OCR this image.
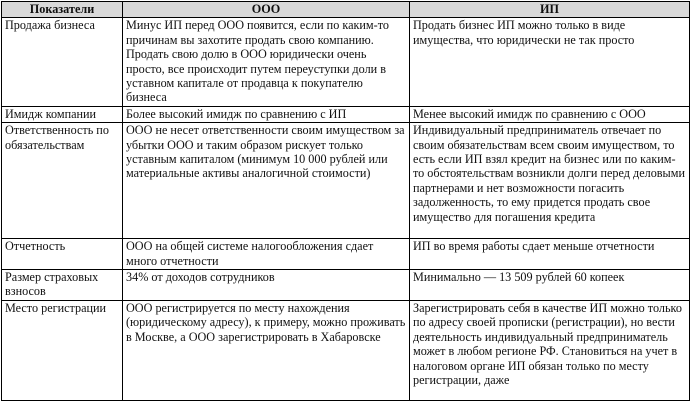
Показатели	ООО	ИП
Продажа бизнеса	Минус ИП перед ООО появится, если по каким-то причинам вы захотите продать свою компанию. Продать свою долю в ООО юридически очень просто, все происходит путем переуступки доли в уставном капитале от продавца к покупателю бизнеса	Продать бизнес ИП можно только в виде имущества, что юридически не так просто
Имидж компании	Более высокий имидж по сравнению с ИП	Менее высокий имидж по сравнению с ООО
Ответственность по обязательствам	ООО не несет ответственности своим имуществом за убытки ООО и таким образом рискует только уставным капиталом (минимум 10 000 рублей или материальные активы аналогичной стоимости)	Индивидуальный предприниматель отвечает по своим обязательствам всем своим имуществом, то есть если ИП взял кредит на бизнес или по каким-то обстоятельствам возникли долги перед деловыми партнерами и нет возможности погасить задолженность, то ему придется продать свое имущество для погашения кредита
Отчетность	ООО на общей системе налогообложения сдает много отчетности	ИП во время работы сдает меньше отчетности
Размер страховых взносов	34% от доходов сотрудников	Минимально — 13 509 рублей 60 копеек
Место регистрации	ООО регистрируется по месту нахождения (юридическому адресу), к примеру, можно проживать в Москве, а ООО зарегистрировать в Хабаровске	Зарегистрировать себя в качестве ИП можно только по адресу своей прописки (регистрации), но вести деятельность индивидуальный предприниматель может в любом регионе РФ. Становиться на учет в налоговом органе ИП обязан только по месту регистрации, даже
